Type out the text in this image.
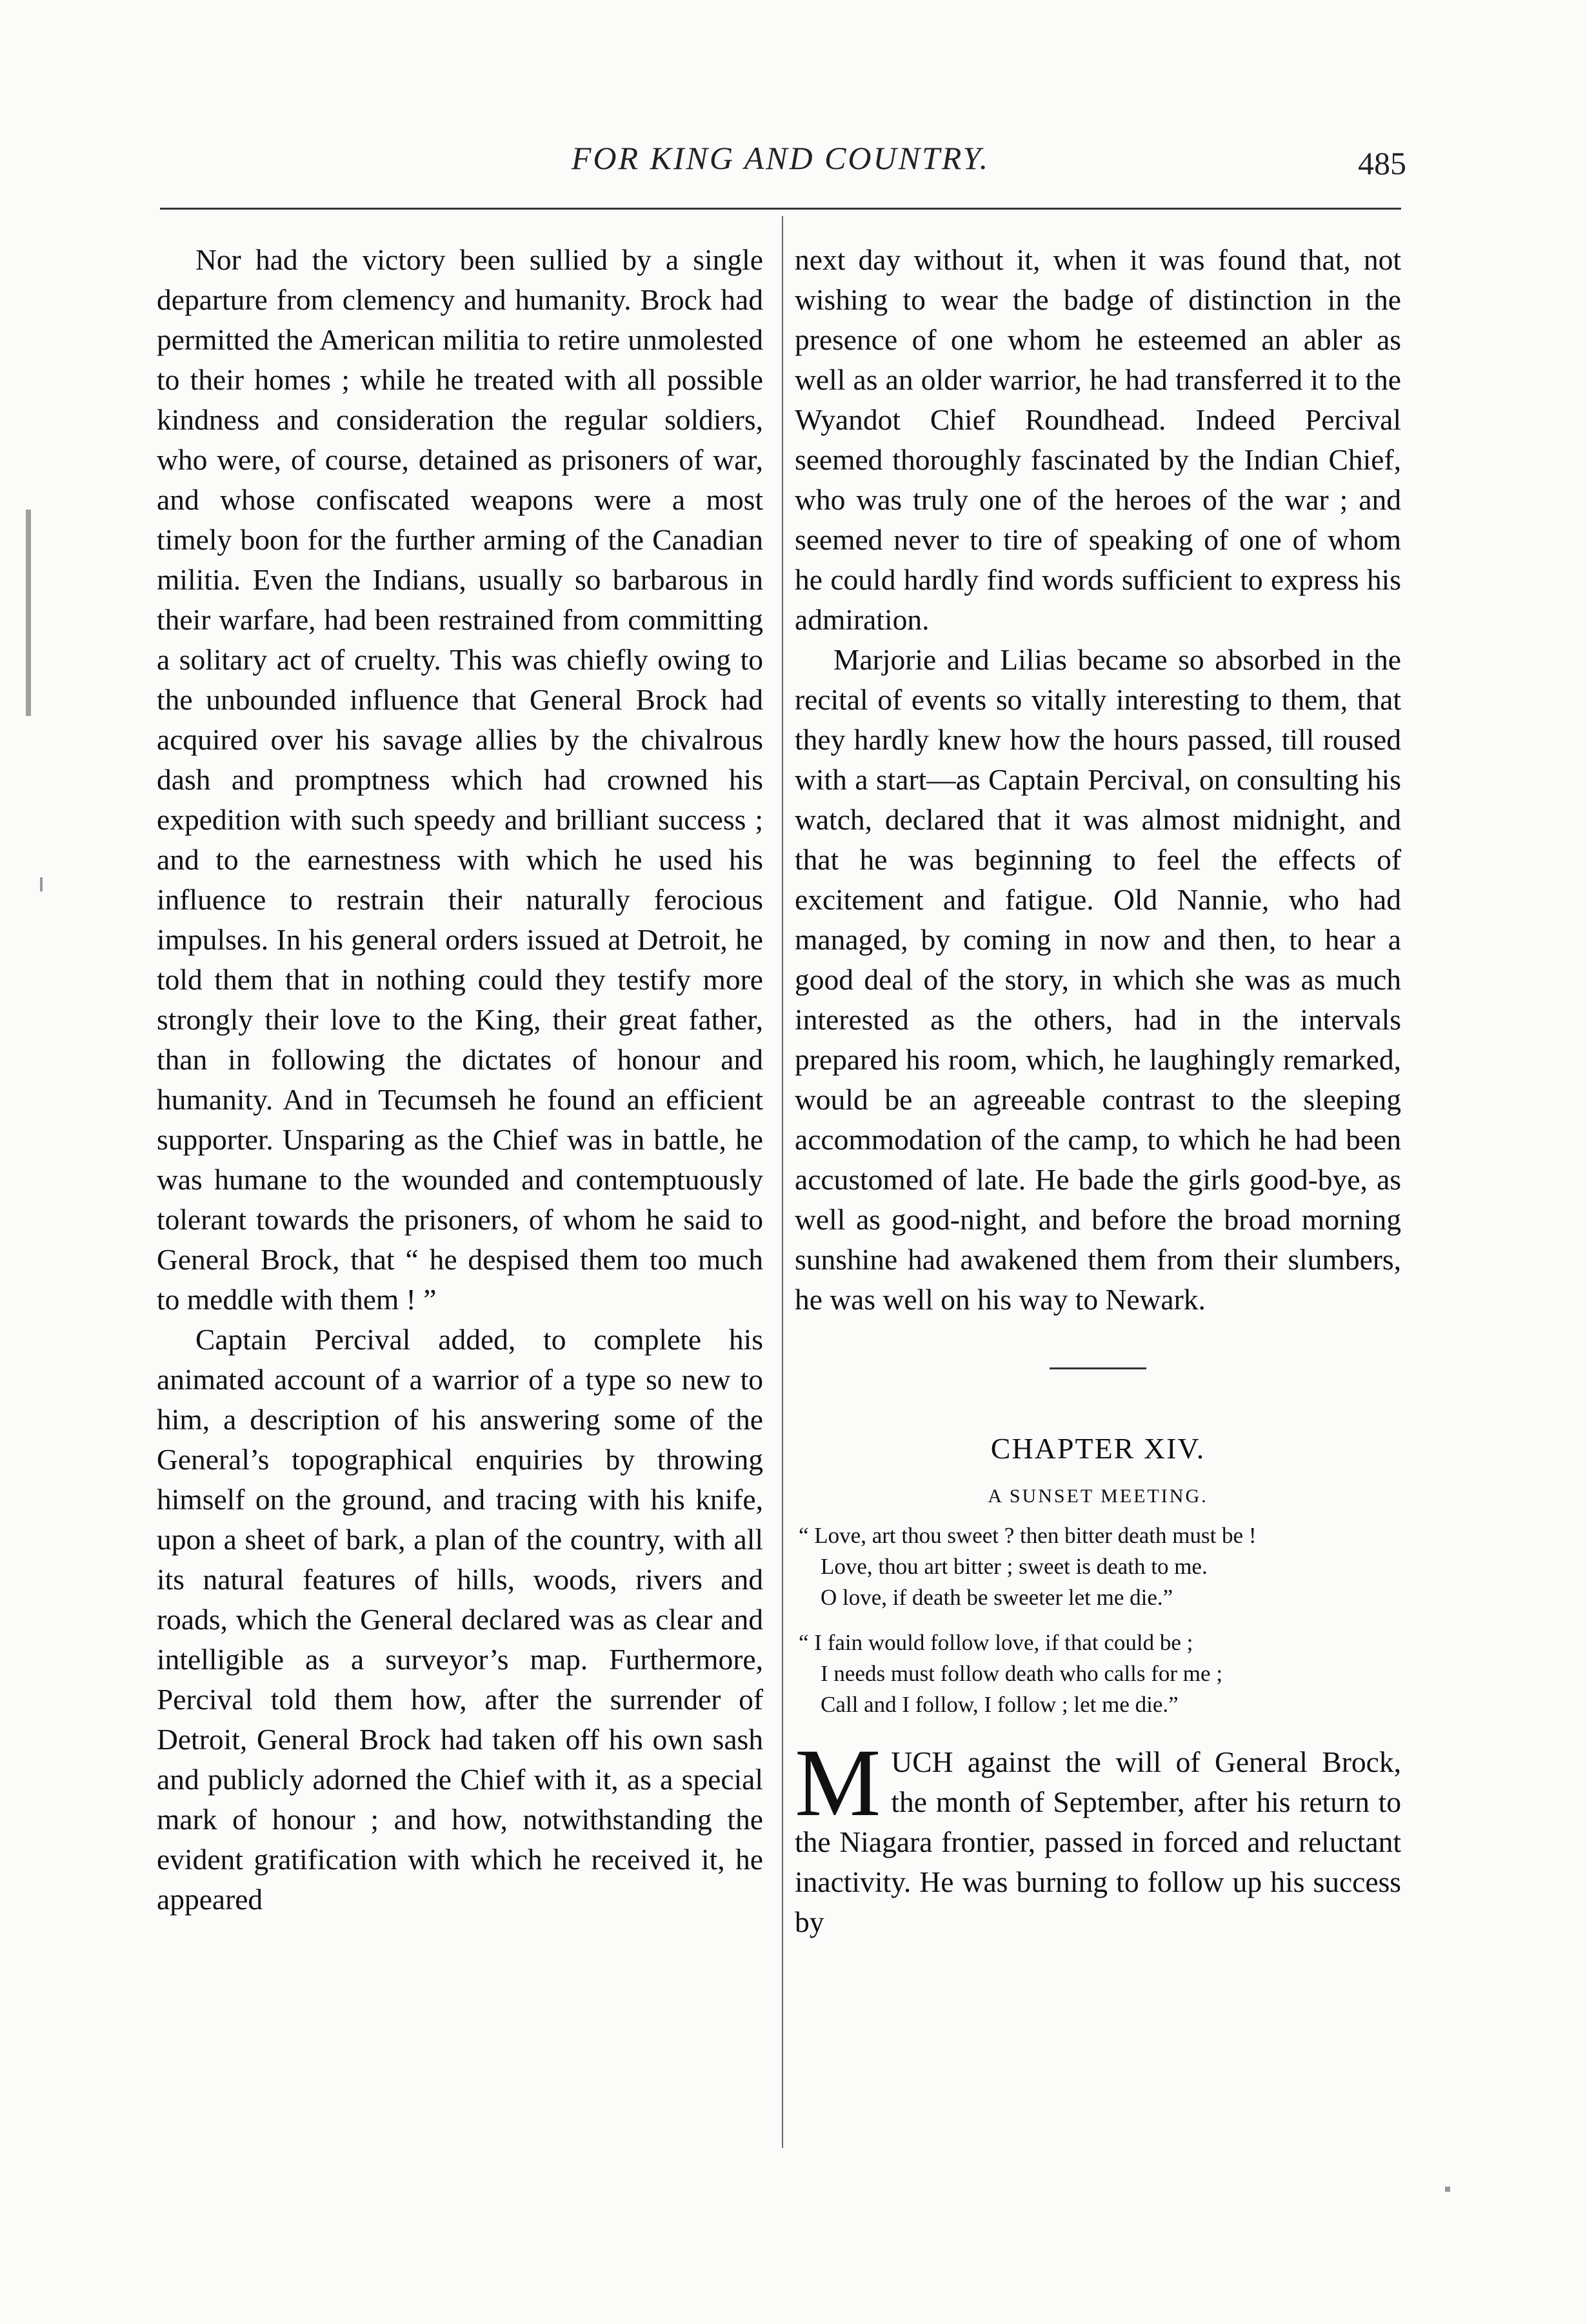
FOR KING AND COUNTRY.	485

Nor had the victory been sullied by a single departure from clemency and humanity. Brock had permitted the American militia to retire unmolested to their homes ; while he treated with all possible kindness and consideration the regular soldiers, who were, of course, detained as prisoners of war, and whose confiscated weapons were a most timely boon for the further arming of the Canadian militia. Even the Indians, usually so barbarous in their warfare, had been restrained from committing a solitary act of cruelty. This was chiefly owing to the unbounded influence that General Brock had acquired over his savage allies by the chivalrous dash and promptness which had crowned his expedition with such speedy and brilliant success ; and to the earnestness with which he used his influence to restrain their naturally ferocious impulses. In his general orders issued at Detroit, he told them that in nothing could they testify more strongly their love to the King, their great father, than in following the dictates of honour and humanity. And in Tecumseh he found an efficient supporter. Unsparing as the Chief was in battle, he was humane to the wounded and contemptuously tolerant towards the prisoners, of whom he said to General Brock, that “ he despised them too much to meddle with them ! ”

Captain Percival added, to complete his animated account of a warrior of a type so new to him, a description of his answering some of the General’s topographical enquiries by throwing himself on the ground, and tracing with his knife, upon a sheet of bark, a plan of the country, with all its natural features of hills, woods, rivers and roads, which the General declared was as clear and intelligible as a surveyor’s map. Furthermore, Percival told them how, after the surrender of Detroit, General Brock had taken off his own sash and publicly adorned the Chief with it, as a special mark of honour ; and how, notwithstanding the evident gratification with which he received it, he appeared

next day without it, when it was found that, not wishing to wear the badge of distinction in the presence of one whom he esteemed an abler as well as an older warrior, he had transferred it to the Wyandot Chief Roundhead. Indeed Percival seemed thoroughly fascinated by the Indian Chief, who was truly one of the heroes of the war ; and seemed never to tire of speaking of one of whom he could hardly find words sufficient to express his admiration.

Marjorie and Lilias became so absorbed in the recital of events so vitally interesting to them, that they hardly knew how the hours passed, till roused with a start—as Captain Percival, on consulting his watch, declared that it was almost midnight, and that he was beginning to feel the effects of excitement and fatigue. Old Nannie, who had managed, by coming in now and then, to hear a good deal of the story, in which she was as much interested as the others, had in the intervals prepared his room, which, he laughingly remarked, would be an agreeable contrast to the sleeping accommodation of the camp, to which he had been accustomed of late. He bade the girls good-bye, as well as good-night, and before the broad morning sunshine had awakened them from their slumbers, he was well on his way to Newark.

CHAPTER XIV.
A SUNSET MEETING.
“ Love, art thou sweet ? then bitter death must be !
Love, thou art bitter ; sweet is death to me.
O love, if death be sweeter let me die.”
“ I fain would follow love, if that could be ;
I needs must follow death who calls for me ;
Call and I follow, I follow ; let me die.”

MUCH against the will of General Brock, the month of September, after his return to the Niagara frontier, passed in forced and reluctant inactivity. He was burning to follow up his success by
